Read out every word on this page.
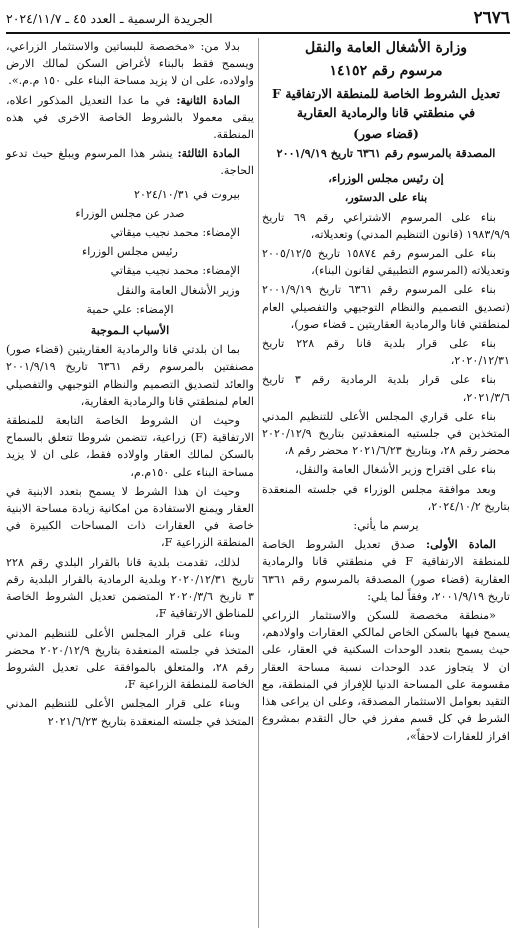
٢٦٧٦
الجريدة الرسمية ـ العدد ٤٥ ـ ٢٠٢٤/١١/٧

وزارة الأشغال العامة والنقل

مرسوم رقم ١٤١٥٢

تعديل الشروط الخاصة للمنطقة الارتفاقية F في منطقتي قانا والرمادية العقارية

(قضاء صور)

المصدقة بالمرسوم رقم ٦٣٦١ تاريخ ٢٠٠١/٩/١٩

إن رئيس مجلس الوزراء،

بناء على الدستور،

بناء على المرسوم الاشتراعي رقم ٦٩ تاريخ ١٩٨٣/٩/٩ (قانون التنظيم المدني) وتعديلاته،

بناء على المرسوم رقم ١٥٨٧٤ تاريخ ٢٠٠٥/١٢/٥ وتعديلاته (المرسوم التطبيقي لقانون البناء)،

بناء على المرسوم رقم ٦٣٦١ تاريخ ٢٠٠١/٩/١٩ (تصديق التصميم والنظام التوجيهي والتفصيلي العام لمنطقتي قانا والرمادية العقاريتين ـ قضاء صور)،

بناء على قرار بلدية قانا رقم ٢٢٨ تاريخ ٢٠٢٠/١٢/٣١،

بناء على قرار بلدية الرمادية رقم ٣ تاريخ ٢٠٢١/٣/٦،

بناء على قراري المجلس الأعلى للتنظيم المدني المتخذين في جلستيه المنعقدتين بتاريخ ٢٠٢٠/١٢/٩ محضر رقم ٢٨، وبتاريخ ٢٠٢١/٦/٢٣ محضر رقم ٨،

بناء على اقتراح وزير الأشغال العامة والنقل،

وبعد موافقة مجلس الوزراء في جلسته المنعقدة بتاريخ ٢٠٢٤/١٠/٢،

يرسم ما يأتي:

المادة الأولى: صدق تعديل الشروط الخاصة للمنطقة الارتفاقية F في منطقتي قانا والرمادية العقارية (قضاء صور) المصدقة بالمرسوم رقم ٦٣٦١ تاريخ ٢٠٠١/٩/١٩، وفقاً لما يلي:

«منطقة مخصصة للسكن والاستثمار الزراعي يسمح فيها بالسكن الخاص لمالكي العقارات واولادهم، حيث يسمح بتعدد الوحدات السكنية في العقار، على ان لا يتجاوز عدد الوحدات نسبة مساحة العقار مقسومة على المساحة الدنيا للإفراز في المنطقة، مع التقيد بعوامل الاستثمار المصدقة، وعلى ان يراعى هذا الشرط في كل قسم مفرز في حال التقدم بمشروع افراز للعقارات لاحقاً»،

بدلا من: «مخصصة للبساتين والاستثمار الزراعي، ويسمح فقط بالبناء لأغراض السكن لمالك الارض واولاده، على ان لا يزيد مساحة البناء على ١٥٠ م.م.».

المادة الثانية: في ما عدا التعديل المذكور اعلاه، يبقى معمولا بالشروط الخاصة الاخرى في هذه المنطقة.

المادة الثالثة: ينشر هذا المرسوم ويبلغ حيث تدعو الحاجة.

بيروت في ٢٠٢٤/١٠/٣١

صدر عن مجلس الوزراء

الإمضاء: محمد نجيب ميقاتي

رئيس مجلس الوزراء

الإمضاء: محمد نجيب ميقاتي

وزير الأشغال العامة والنقل

الإمضاء: علي حمية

الأسباب الـموجبة

بما ان بلدتي قانا والرمادية العقاريتين (قضاء صور) مصنفتين بالمرسوم رقم ٦٣٦١ تاريخ ٢٠٠١/٩/١٩ والعائد لتصديق التصميم والنظام التوجيهي والتفصيلي العام لمنطقتي قانا والرمادية العقارية،

وحيث ان الشروط الخاصة التابعة للمنطقة الارتفاقية (F) زراعية، تتضمن شروطا تتعلق بالسماح بالسكن لمالك العقار واولاده فقط، على ان لا يزيد مساحة البناء على ١٥٠م.م،

وحيث ان هذا الشرط لا يسمح بتعدد الابنية في العقار ويمنع الاستفادة من امكانية زيادة مساحة الابنية خاصة في العقارات ذات المساحات الكبيرة في المنطقة الزراعية F،

لذلك، تقدمت بلدية قانا بالقرار البلدي رقم ٢٢٨ تاريخ ٢٠٢٠/١٢/٣١ وبلدية الرمادية بالقرار البلدية رقم ٣ تاريخ ٢٠٢٠/٣/٦ المتضمن تعديل الشروط الخاصة للمناطق الارتفاقية F،

وبناء على قرار المجلس الأعلى للتنظيم المدني المتخذ في جلسته المنعقدة بتاريخ ٢٠٢٠/١٢/٩ محضر رقم ٢٨، والمتعلق بالموافقة على تعديل الشروط الخاصة للمنطقة الزراعية F،

وبناء على قرار المجلس الأعلى للتنظيم المدني المتخذ في جلسته المنعقدة بتاريخ ٢٠٢١/٦/٢٣
